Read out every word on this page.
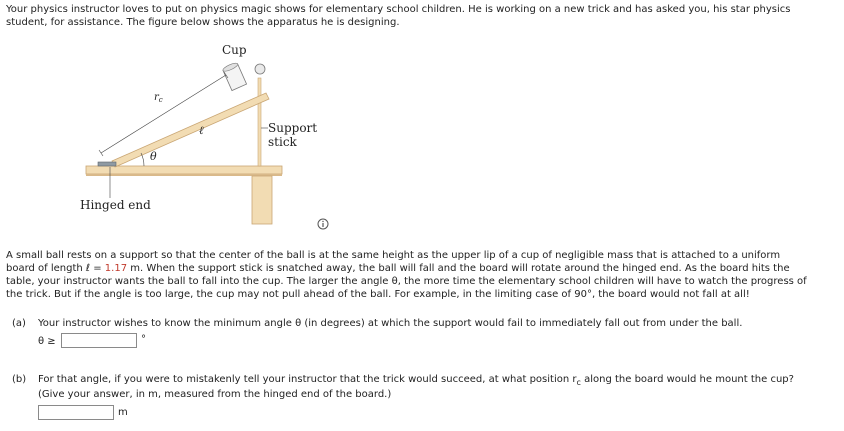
Your physics instructor loves to put on physics magic shows for elementary school children. He is working on a new trick and has asked you, his star physics
student, for assistance. The figure below shows the apparatus he is designing.
Cup
$r_c$
ℓ
θ
Support
stick
Hinged end
A small ball rests on a support so that the center of the ball is at the same height as the upper lip of a cup of negligible mass that is attached to a uniform
board of length ℓ = 1.17 m. When the support stick is snatched away, the ball will fall and the board will rotate around the hinged end. As the board hits the
table, your instructor wants the ball to fall into the cup. The larger the angle θ, the more time the elementary school children will have to watch the progress of
the trick. But if the angle is too large, the cup may not pull ahead of the ball. For example, in the limiting case of 90°, the board would not fall at all!
(a) Your instructor wishes to know the minimum angle θ (in degrees) at which the support would fail to immediately fall out from under the ball.
θ ≥	°
(b) For that angle, if you were to mistakenly tell your instructor that the trick would succeed, at what position $r_c$ along the board would he mount the cup?
(Give your answer, in m, measured from the hinged end of the board.)
m
